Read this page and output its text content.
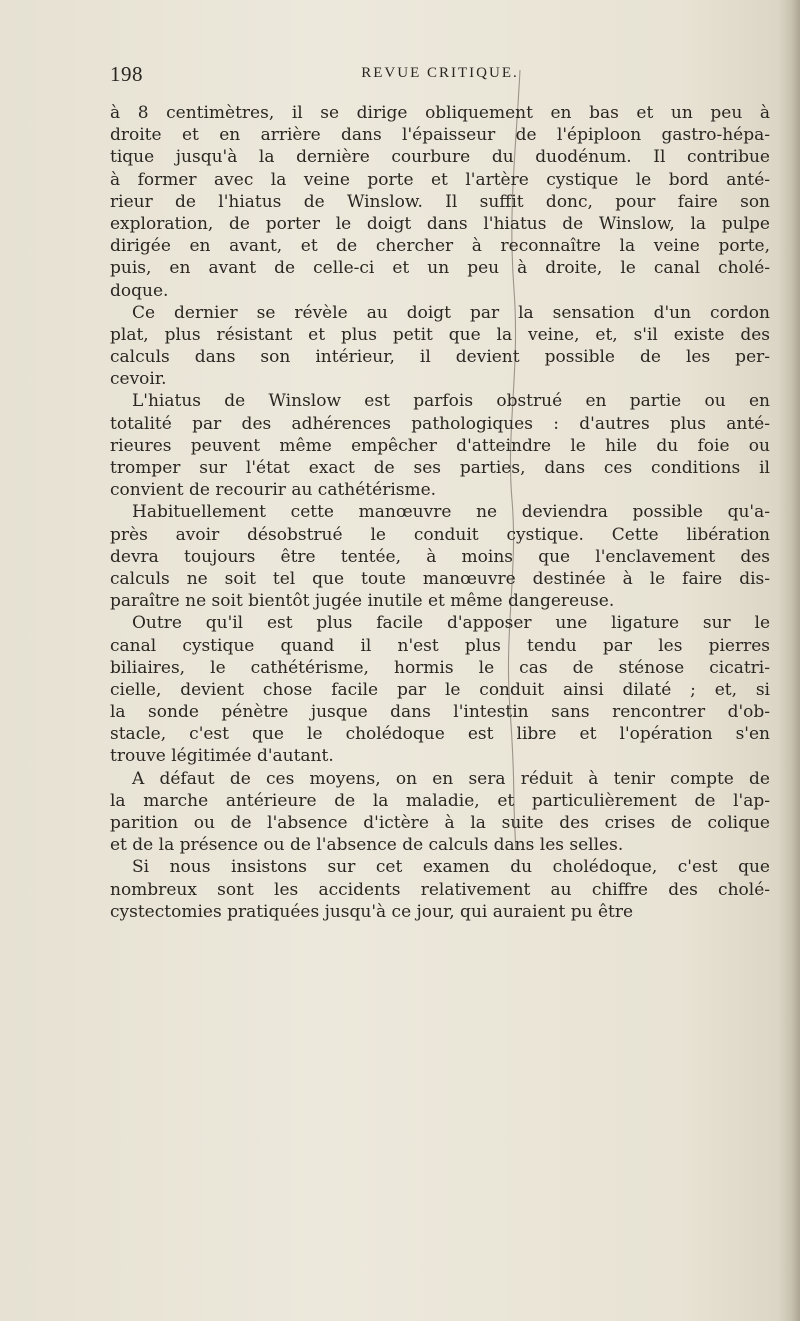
198	REVUE CRITIQUE.
à 8 centimètres, il se dirige obliquement en bas et un peu à
droite et en arrière dans l'épaisseur de l'épiploon gastro-hépa-
tique jusqu'à la dernière courbure du duodénum. Il contribue
à former avec la veine porte et l'artère cystique le bord anté-
rieur de l'hiatus de Winslow. Il suffit donc, pour faire son
exploration, de porter le doigt dans l'hiatus de Winslow, la pulpe
dirigée en avant, et de chercher à reconnaître la veine porte,
puis, en avant de celle-ci et un peu à droite, le canal cholé-
doque.
Ce dernier se révèle au doigt par la sensation d'un cordon
plat, plus résistant et plus petit que la veine, et, s'il existe des
calculs dans son intérieur, il devient possible de les per-
cevoir.
L'hiatus de Winslow est parfois obstrué en partie ou en
totalité par des adhérences pathologiques : d'autres plus anté-
rieures peuvent même empêcher d'atteindre le hile du foie ou
tromper sur l'état exact de ses parties, dans ces conditions il
convient de recourir au cathétérisme.
Habituellement cette manœuvre ne deviendra possible qu'a-
près avoir désobstrué le conduit cystique. Cette libération
devra toujours être tentée, à moins que l'enclavement des
calculs ne soit tel que toute manœuvre destinée à le faire dis-
paraître ne soit bientôt jugée inutile et même dangereuse.
Outre qu'il est plus facile d'apposer une ligature sur le
canal cystique quand il n'est plus tendu par les pierres
biliaires, le cathétérisme, hormis le cas de sténose cicatri-
cielle, devient chose facile par le conduit ainsi dilaté ; et, si
la sonde pénètre jusque dans l'intestin sans rencontrer d'ob-
stacle, c'est que le cholédoque est libre et l'opération s'en
trouve légitimée d'autant.
A défaut de ces moyens, on en sera réduit à tenir compte de
la marche antérieure de la maladie, et particulièrement de l'ap-
parition ou de l'absence d'ictère à la suite des crises de colique
et de la présence ou de l'absence de calculs dans les selles.
Si nous insistons sur cet examen du cholédoque, c'est que
nombreux sont les accidents relativement au chiffre des cholé-
cystectomies pratiquées jusqu'à ce jour, qui auraient pu être
